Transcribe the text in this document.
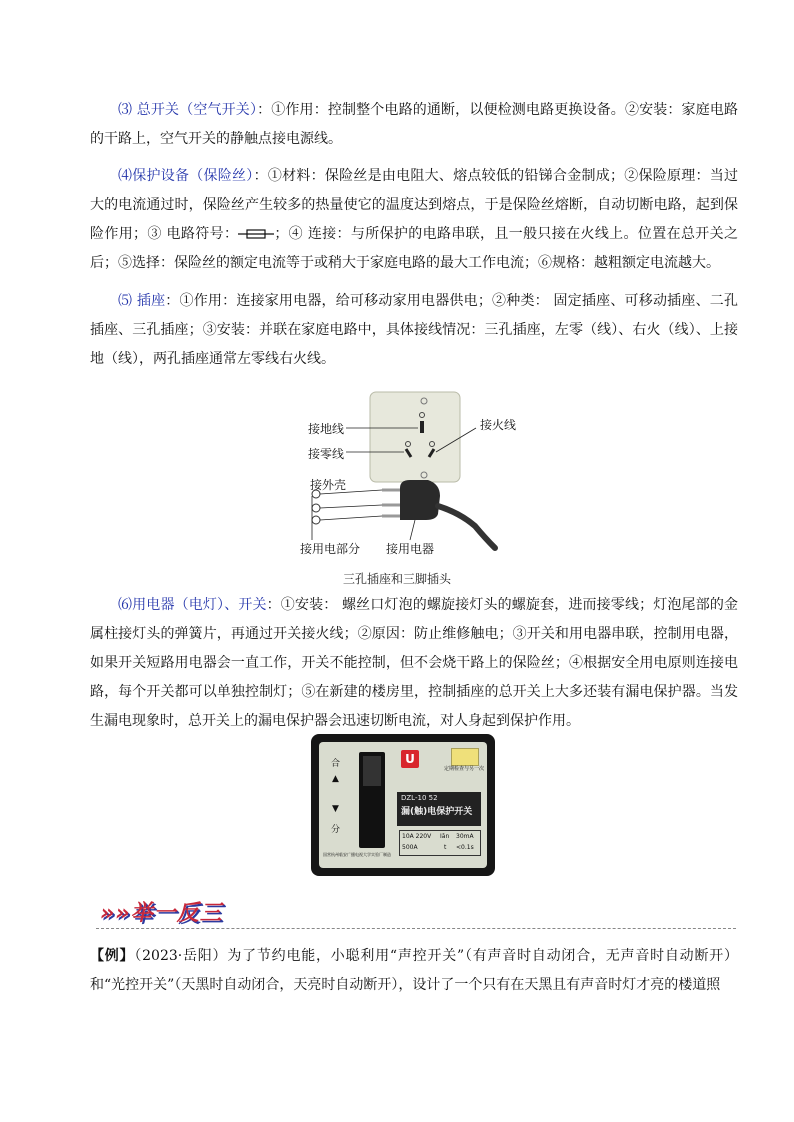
⑶ 总开关（空气开关）：①作用：控制整个电路的通断，以便检测电路更换设备。②安装：家庭电路的干路上，空气开关的静触点接电源线。

⑷保护设备（保险丝）：①材料：保险丝是由电阻大、熔点较低的铅锑合金制成；②保险原理：当过大的电流通过时，保险丝产生较多的热量使它的温度达到熔点，于是保险丝熔断，自动切断电路，起到保险作用；③ 电路符号：	；④ 连接：与所保护的电路串联，且一般只接在火线上。位置在总开关之后；⑤选择：保险丝的额定电流等于或稍大于家庭电路的最大工作电流；⑥规格：越粗额定电流越大。

⑸ 插座：①作用：连接家用电器，给可移动家用电器供电；②种类： 固定插座、可移动插座、二孔插座、三孔插座；③安装：并联在家庭电路中，具体接线情况：三孔插座，左零（线）、右火（线）、上接地（线），两孔插座通常左零线右火线。

接地线
接零线
接火线
接外壳
接用电部分 接用电器
三孔插座和三脚插头

⑹用电器（电灯）、开关：①安装： 螺丝口灯泡的螺旋接灯头的螺旋套，进而接零线；灯泡尾部的金属柱接灯头的弹簧片，再通过开关接火线；②原因：防止维修触电；③开关和用电器串联，控制用电器，如果开关短路用电器会一直工作，开关不能控制，但不会烧干路上的保险丝；④根据安全用电原则连接电路，每个开关都可以单独控制灯；⑤在新建的楼房里，控制插座的总开关上大多还装有漏电保护器。当发生漏电现象时，总开关上的漏电保护器会迅速切断电流，对人身起到保护作用。

合
▲
▼
分
U
定期检查与另一次
DZL-10 52
漏(触)电保护开关
10A 220V
500A
Iān 30mA
t <0.1s
国营杭州临安广播电视大学实验厂制造
»»举一反三

【例】（2023·岳阳）为了节约电能，小聪利用“声控开关”（有声音时自动闭合，无声音时自动断开）和“光控开关”（天黑时自动闭合，天亮时自动断开），设计了一个只有在天黑且有声音时灯才亮的楼道照
